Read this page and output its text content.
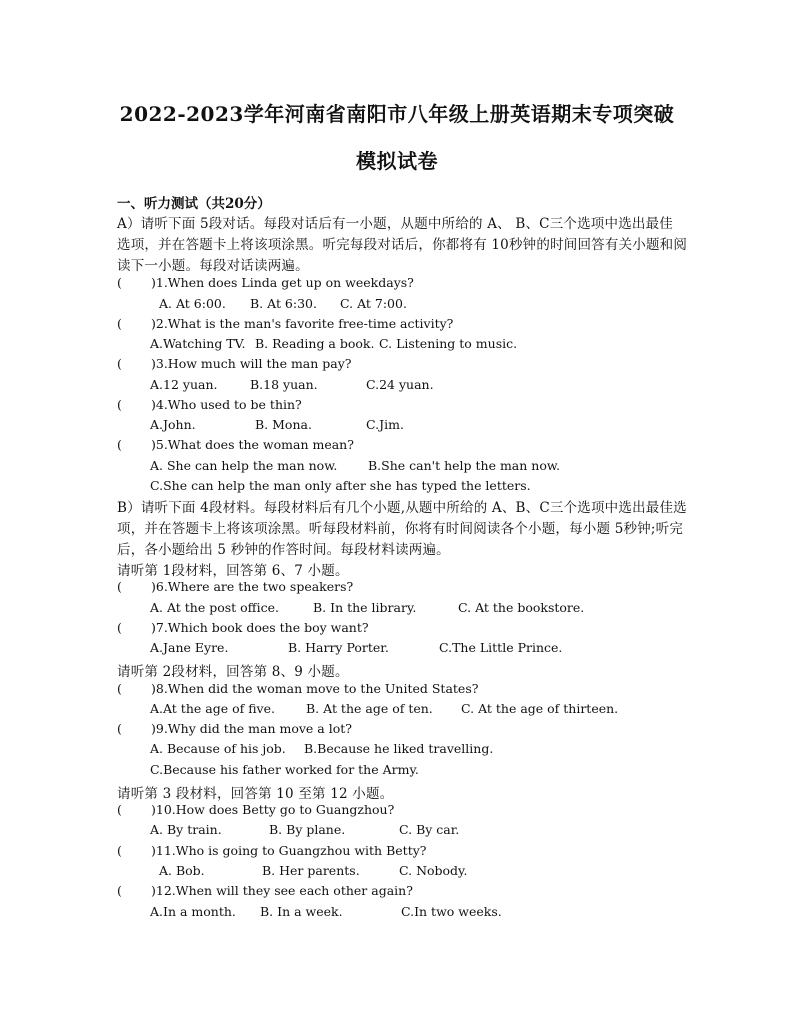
2022-2023学年河南省南阳市八年级上册英语期末专项突破
模拟试卷
一、听力测试（共20分）
A）请听下面 5段对话。每段对话后有一小题，从题中所给的 A、 B、C三个选项中选出最佳
选项，并在答题卡上将该项涂黑。听完每段对话后，你都将有 10秒钟的时间回答有关小题和阅
读下一小题。每段对话读两遍。
( )1.When does Linda get up on weekdays?
A. At 6:00. B. At 6:30. C. At 7:00.
( )2.What is the man's favorite free-time activity?
A.Watching TV. B. Reading a book. C. Listening to music.
( )3.How much will the man pay?
A.12 yuan.	B.18 yuan.	C.24 yuan.
( )4.Who used to be thin?
A.John.	B. Mona.	C.Jim.
( )5.What does the woman mean?
A. She can help the man now. B.She can't help the man now.
C.She can help the man only after she has typed the letters.
B）请听下面 4段材料。每段材料后有几个小题,从题中所给的 A、B、C三个选项中选出最佳选
项，并在答题卡上将该项涂黑。听每段材料前，你将有时间阅读各个小题，每小题 5秒钟;听完
后，各小题给出 5 秒钟的作答时间。每段材料读两遍。
请听第 1段材料，回答第 6、7 小题。
( )6.Where are the two speakers?
A. At the post office.	B. In the library.	C. At the bookstore.
( )7.Which book does the boy want?
A.Jane Eyre.	B. Harry Porter.	C.The Little Prince.
请听第 2段材料，回答第 8、9 小题。
( )8.When did the woman move to the United States?
A.At the age of five. B. At the age of ten. C. At the age of thirteen.
( )9.Why did the man move a lot?
A. Because of his job. B.Because he liked travelling.
C.Because his father worked for the Army.
请听第 3 段材料，回答第 10 至第 12 小题。
( )10.How does Betty go to Guangzhou?
A. By train.	B. By plane.	C. By car.
( )11.Who is going to Guangzhou with Betty?
A. Bob.	B. Her parents.	C. Nobody.
( )12.When will they see each other again?
A.In a month. B. In a week.	C.In two weeks.
